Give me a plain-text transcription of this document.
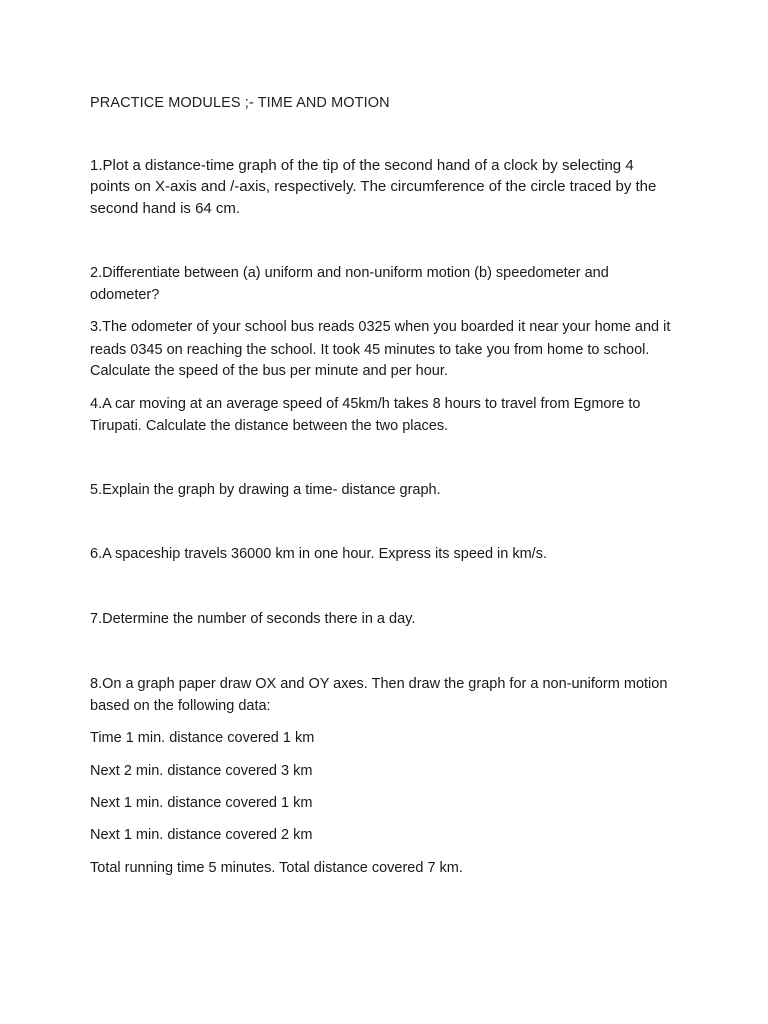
PRACTICE MODULES ;- TIME AND MOTION

1.Plot a distance-time graph of the tip of the second hand of a clock by selecting 4

points on X-axis and /-axis, respectively. The circumference of the circle traced by the

second hand is 64 cm.

2.Differentiate between (a) uniform and non-uniform motion (b) speedometer and

odometer?

3.The odometer of your school bus reads 0325 when you boarded it near your home and it

reads 0345 on reaching the school. It took 45 minutes to take you from home to school.

Calculate the speed of the bus per minute and per hour.

4.A car moving at an average speed of 45km/h takes 8 hours to travel from Egmore to

Tirupati. Calculate the distance between the two places.

5.Explain the graph by drawing a time- distance graph.

6.A spaceship travels 36000 km in one hour. Express its speed in km/s.

7.Determine the number of seconds there in a day.

8.On a graph paper draw OX and OY axes. Then draw the graph for a non-uniform motion

based on the following data:

Time 1 min. distance covered 1 km

Next 2 min. distance covered 3 km

Next 1 min. distance covered 1 km

Next 1 min. distance covered 2 km

Total running time 5 minutes. Total distance covered 7 km.
